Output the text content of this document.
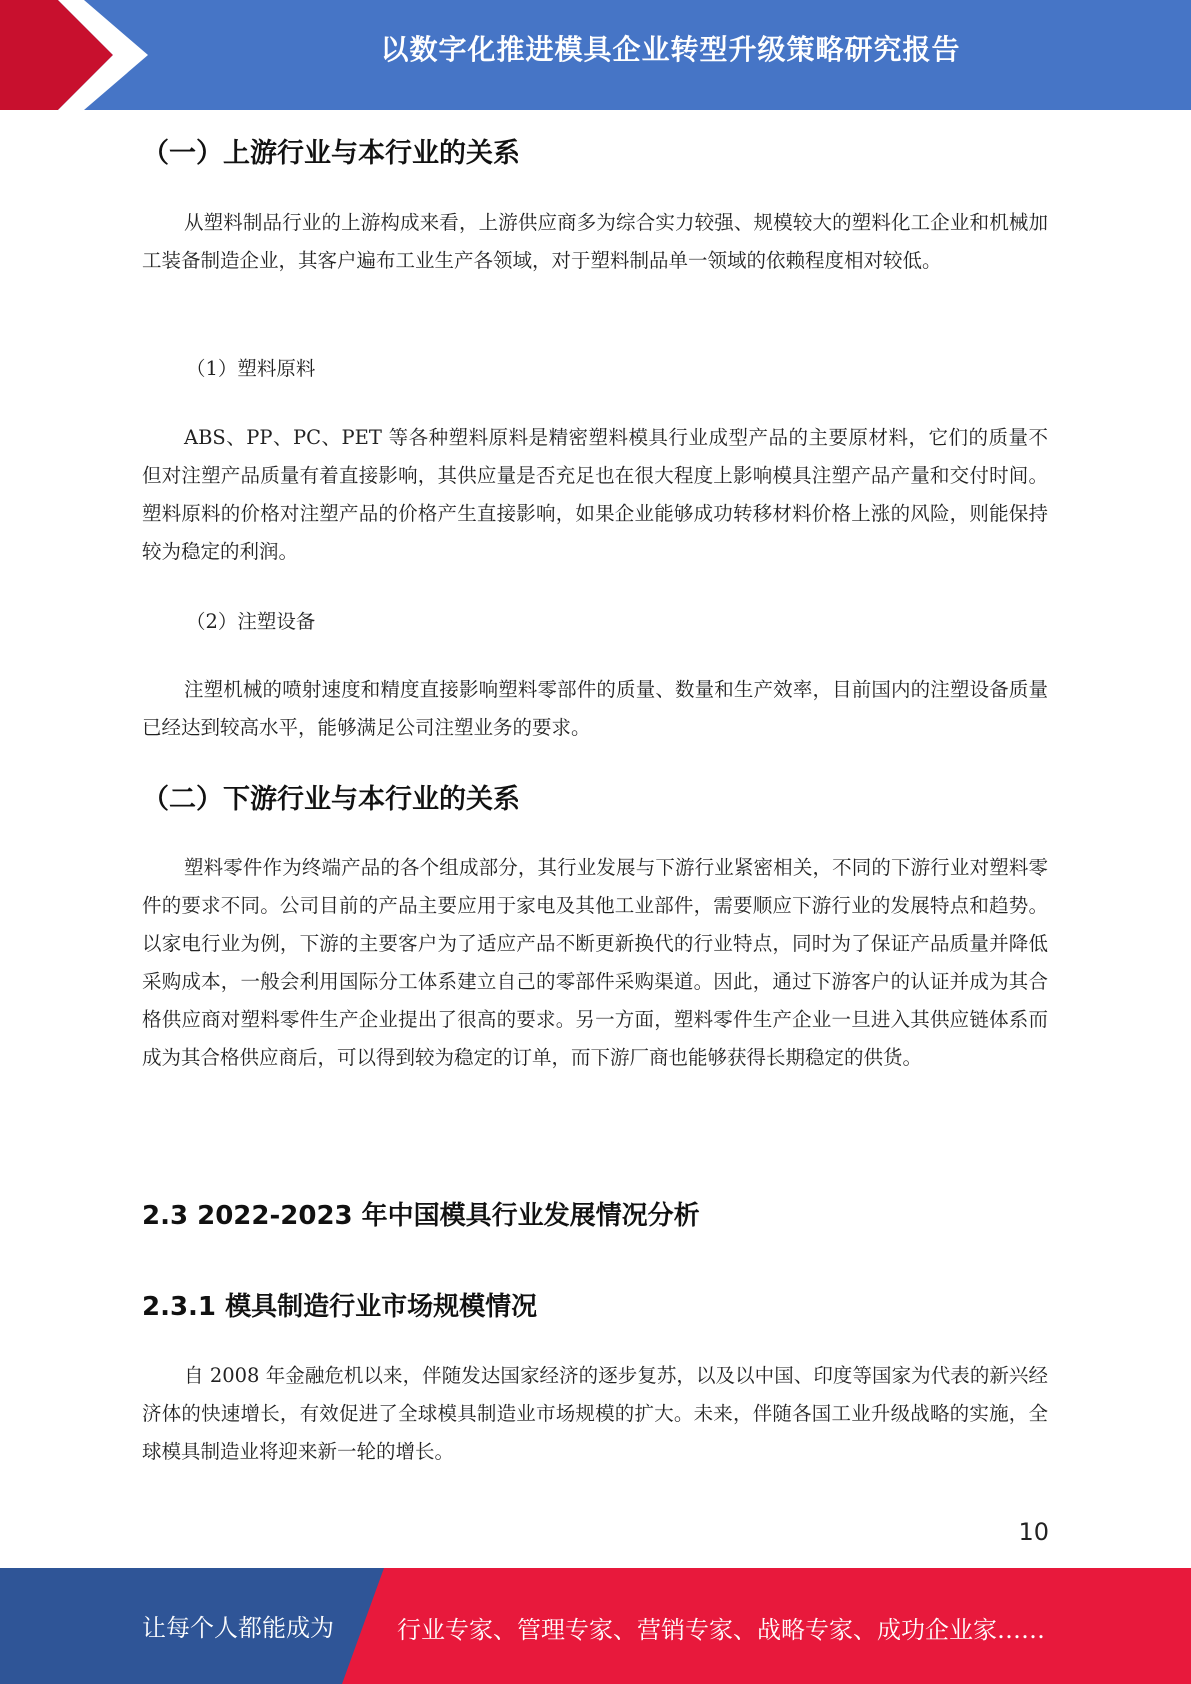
以数字化推进模具企业转型升级策略研究报告
（一）上游行业与本行业的关系
从塑料制品行业的上游构成来看，上游供应商多为综合实力较强、规模较大的塑料化工企业和机械加工装备制造企业，其客户遍布工业生产各领域，对于塑料制品单一领域的依赖程度相对较低。
（1）塑料原料
ABS、PP、PC、PET 等各种塑料原料是精密塑料模具行业成型产品的主要原材料，它们的质量不但对注塑产品质量有着直接影响，其供应量是否充足也在很大程度上影响模具注塑产品产量和交付时间。塑料原料的价格对注塑产品的价格产生直接影响，如果企业能够成功转移材料价格上涨的风险，则能保持较为稳定的利润。
（2）注塑设备
注塑机械的喷射速度和精度直接影响塑料零部件的质量、数量和生产效率，目前国内的注塑设备质量已经达到较高水平，能够满足公司注塑业务的要求。
（二）下游行业与本行业的关系
塑料零件作为终端产品的各个组成部分，其行业发展与下游行业紧密相关，不同的下游行业对塑料零件的要求不同。公司目前的产品主要应用于家电及其他工业部件，需要顺应下游行业的发展特点和趋势。以家电行业为例，下游的主要客户为了适应产品不断更新换代的行业特点，同时为了保证产品质量并降低采购成本，一般会利用国际分工体系建立自己的零部件采购渠道。因此，通过下游客户的认证并成为其合格供应商对塑料零件生产企业提出了很高的要求。另一方面，塑料零件生产企业一旦进入其供应链体系而成为其合格供应商后，可以得到较为稳定的订单，而下游厂商也能够获得长期稳定的供货。
2.3 2022-2023 年中国模具行业发展情况分析
2.3.1 模具制造行业市场规模情况
自 2008 年金融危机以来，伴随发达国家经济的逐步复苏，以及以中国、印度等国家为代表的新兴经济体的快速增长，有效促进了全球模具制造业市场规模的扩大。未来，伴随各国工业升级战略的实施，全球模具制造业将迎来新一轮的增长。
10
让每个人都能成为	行业专家、管理专家、营销专家、战略专家、成功企业家……
